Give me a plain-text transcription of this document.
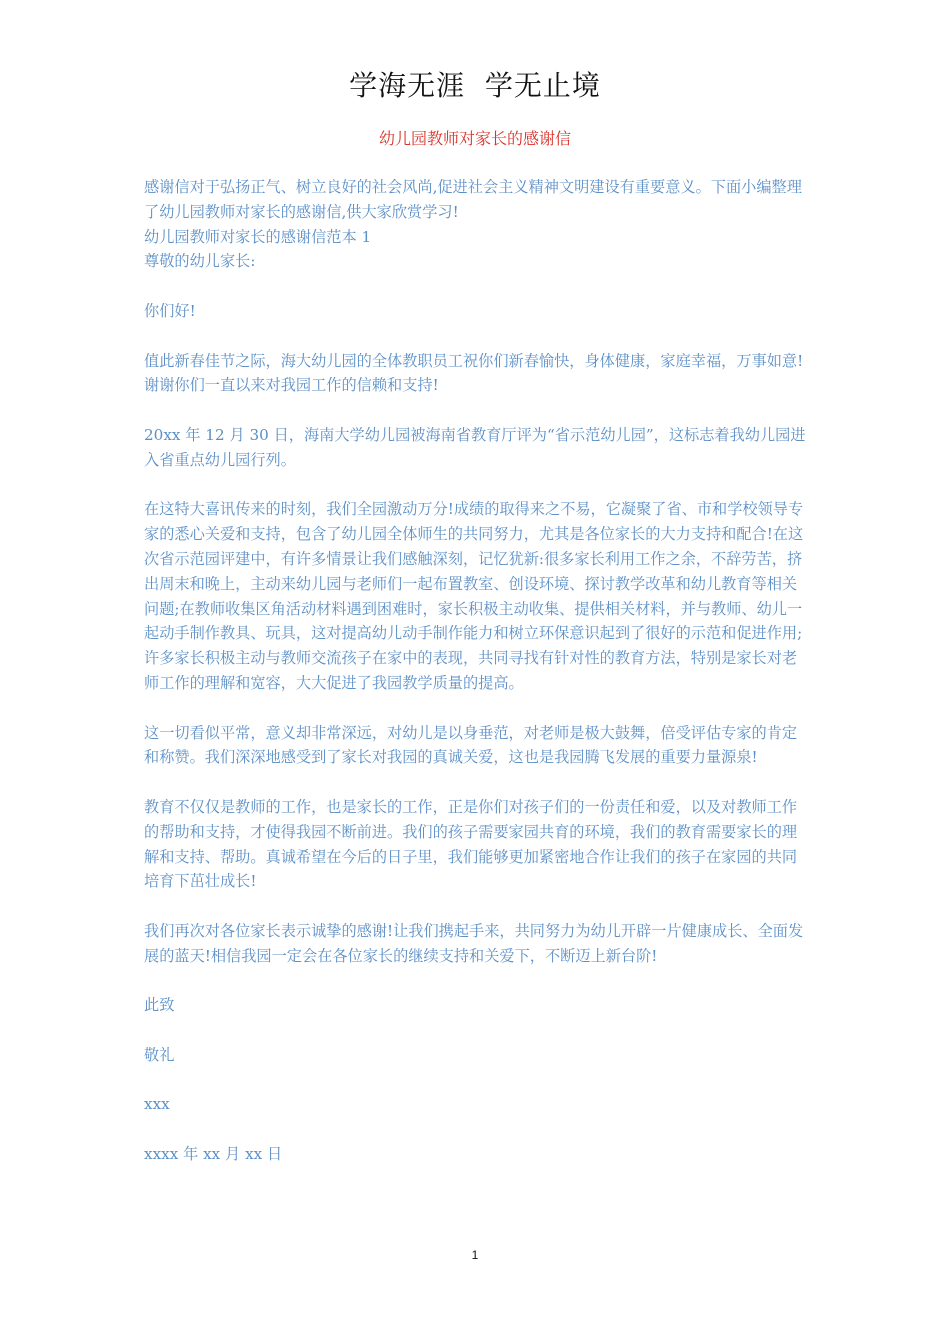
学海无涯  学无止境
幼儿园教师对家长的感谢信

感谢信对于弘扬正气、树立良好的社会风尚,促进社会主义精神文明建设有重要意义。下面小编整理了幼儿园教师对家长的感谢信,供大家欣赏学习!

幼儿园教师对家长的感谢信范本 1

尊敬的幼儿家长:

你们好!

值此新春佳节之际，海大幼儿园的全体教职员工祝你们新春愉快，身体健康，家庭幸福，万事如意!谢谢你们一直以来对我园工作的信赖和支持!

20xx 年 12 月 30 日，海南大学幼儿园被海南省教育厅评为“省示范幼儿园”，这标志着我幼儿园进入省重点幼儿园行列。

在这特大喜讯传来的时刻，我们全园激动万分!成绩的取得来之不易，它凝聚了省、市和学校领导专家的悉心关爱和支持，包含了幼儿园全体师生的共同努力，尤其是各位家长的大力支持和配合!在这次省示范园评建中，有许多情景让我们感触深刻，记忆犹新:很多家长利用工作之余，不辞劳苦，挤出周末和晚上，主动来幼儿园与老师们一起布置教室、创设环境、探讨教学改革和幼儿教育等相关问题;在教师收集区角活动材料遇到困难时，家长积极主动收集、提供相关材料，并与教师、幼儿一起动手制作教具、玩具，这对提高幼儿动手制作能力和树立环保意识起到了很好的示范和促进作用;许多家长积极主动与教师交流孩子在家中的表现，共同寻找有针对性的教育方法，特别是家长对老师工作的理解和宽容，大大促进了我园教学质量的提高。

这一切看似平常，意义却非常深远，对幼儿是以身垂范，对老师是极大鼓舞，倍受评估专家的肯定和称赞。我们深深地感受到了家长对我园的真诚关爱，这也是我园腾飞发展的重要力量源泉!

教育不仅仅是教师的工作，也是家长的工作，正是你们对孩子们的一份责任和爱，以及对教师工作的帮助和支持，才使得我园不断前进。我们的孩子需要家园共育的环境，我们的教育需要家长的理解和支持、帮助。真诚希望在今后的日子里，我们能够更加紧密地合作让我们的孩子在家园的共同培育下茁壮成长!

我们再次对各位家长表示诚挚的感谢!让我们携起手来，共同努力为幼儿开辟一片健康成长、全面发展的蓝天!相信我园一定会在各位家长的继续支持和关爱下，不断迈上新台阶!

此致

敬礼

xxx

xxxx 年 xx 月 xx 日

1
